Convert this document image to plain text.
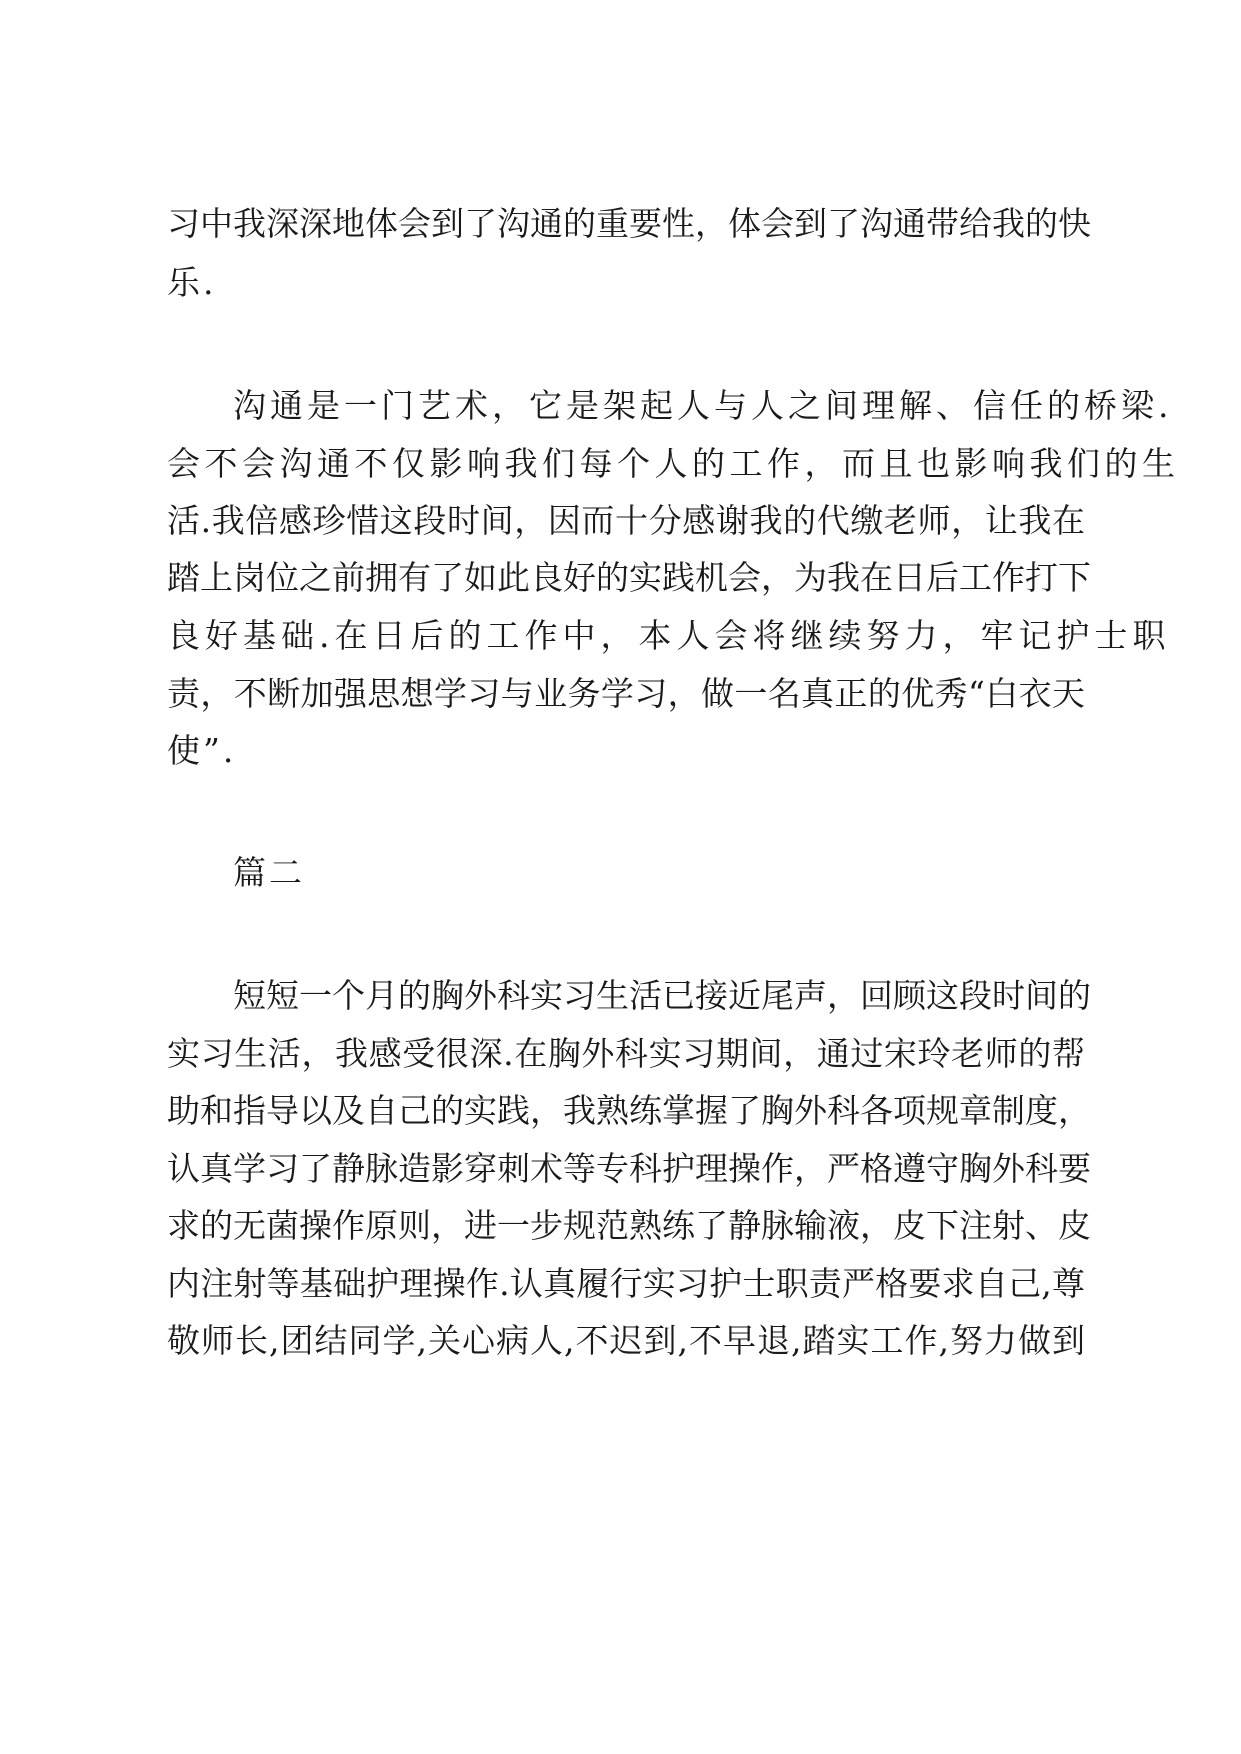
习中我深深地体会到了沟通的重要性，体会到了沟通带给我的快
乐.
沟通是一门艺术，它是架起人与人之间理解、信任的桥梁.
会不会沟通不仅影响我们每个人的工作，而且也影响我们的生
活.我倍感珍惜这段时间，因而十分感谢我的代缴老师，让我在
踏上岗位之前拥有了如此良好的实践机会，为我在日后工作打下
良好基础.在日后的工作中，本人会将继续努力，牢记护士职
责，不断加强思想学习与业务学习，做一名真正的优秀“白衣天
使”.
篇二
短短一个月的胸外科实习生活已接近尾声，回顾这段时间的
实习生活，我感受很深.在胸外科实习期间，通过宋玲老师的帮
助和指导以及自己的实践，我熟练掌握了胸外科各项规章制度，
认真学习了静脉造影穿刺术等专科护理操作，严格遵守胸外科要
求的无菌操作原则，进一步规范熟练了静脉输液，皮下注射、皮
内注射等基础护理操作.认真履行实习护士职责严格要求自己,尊
敬师长,团结同学,关心病人,不迟到,不早退,踏实工作,努力做到
